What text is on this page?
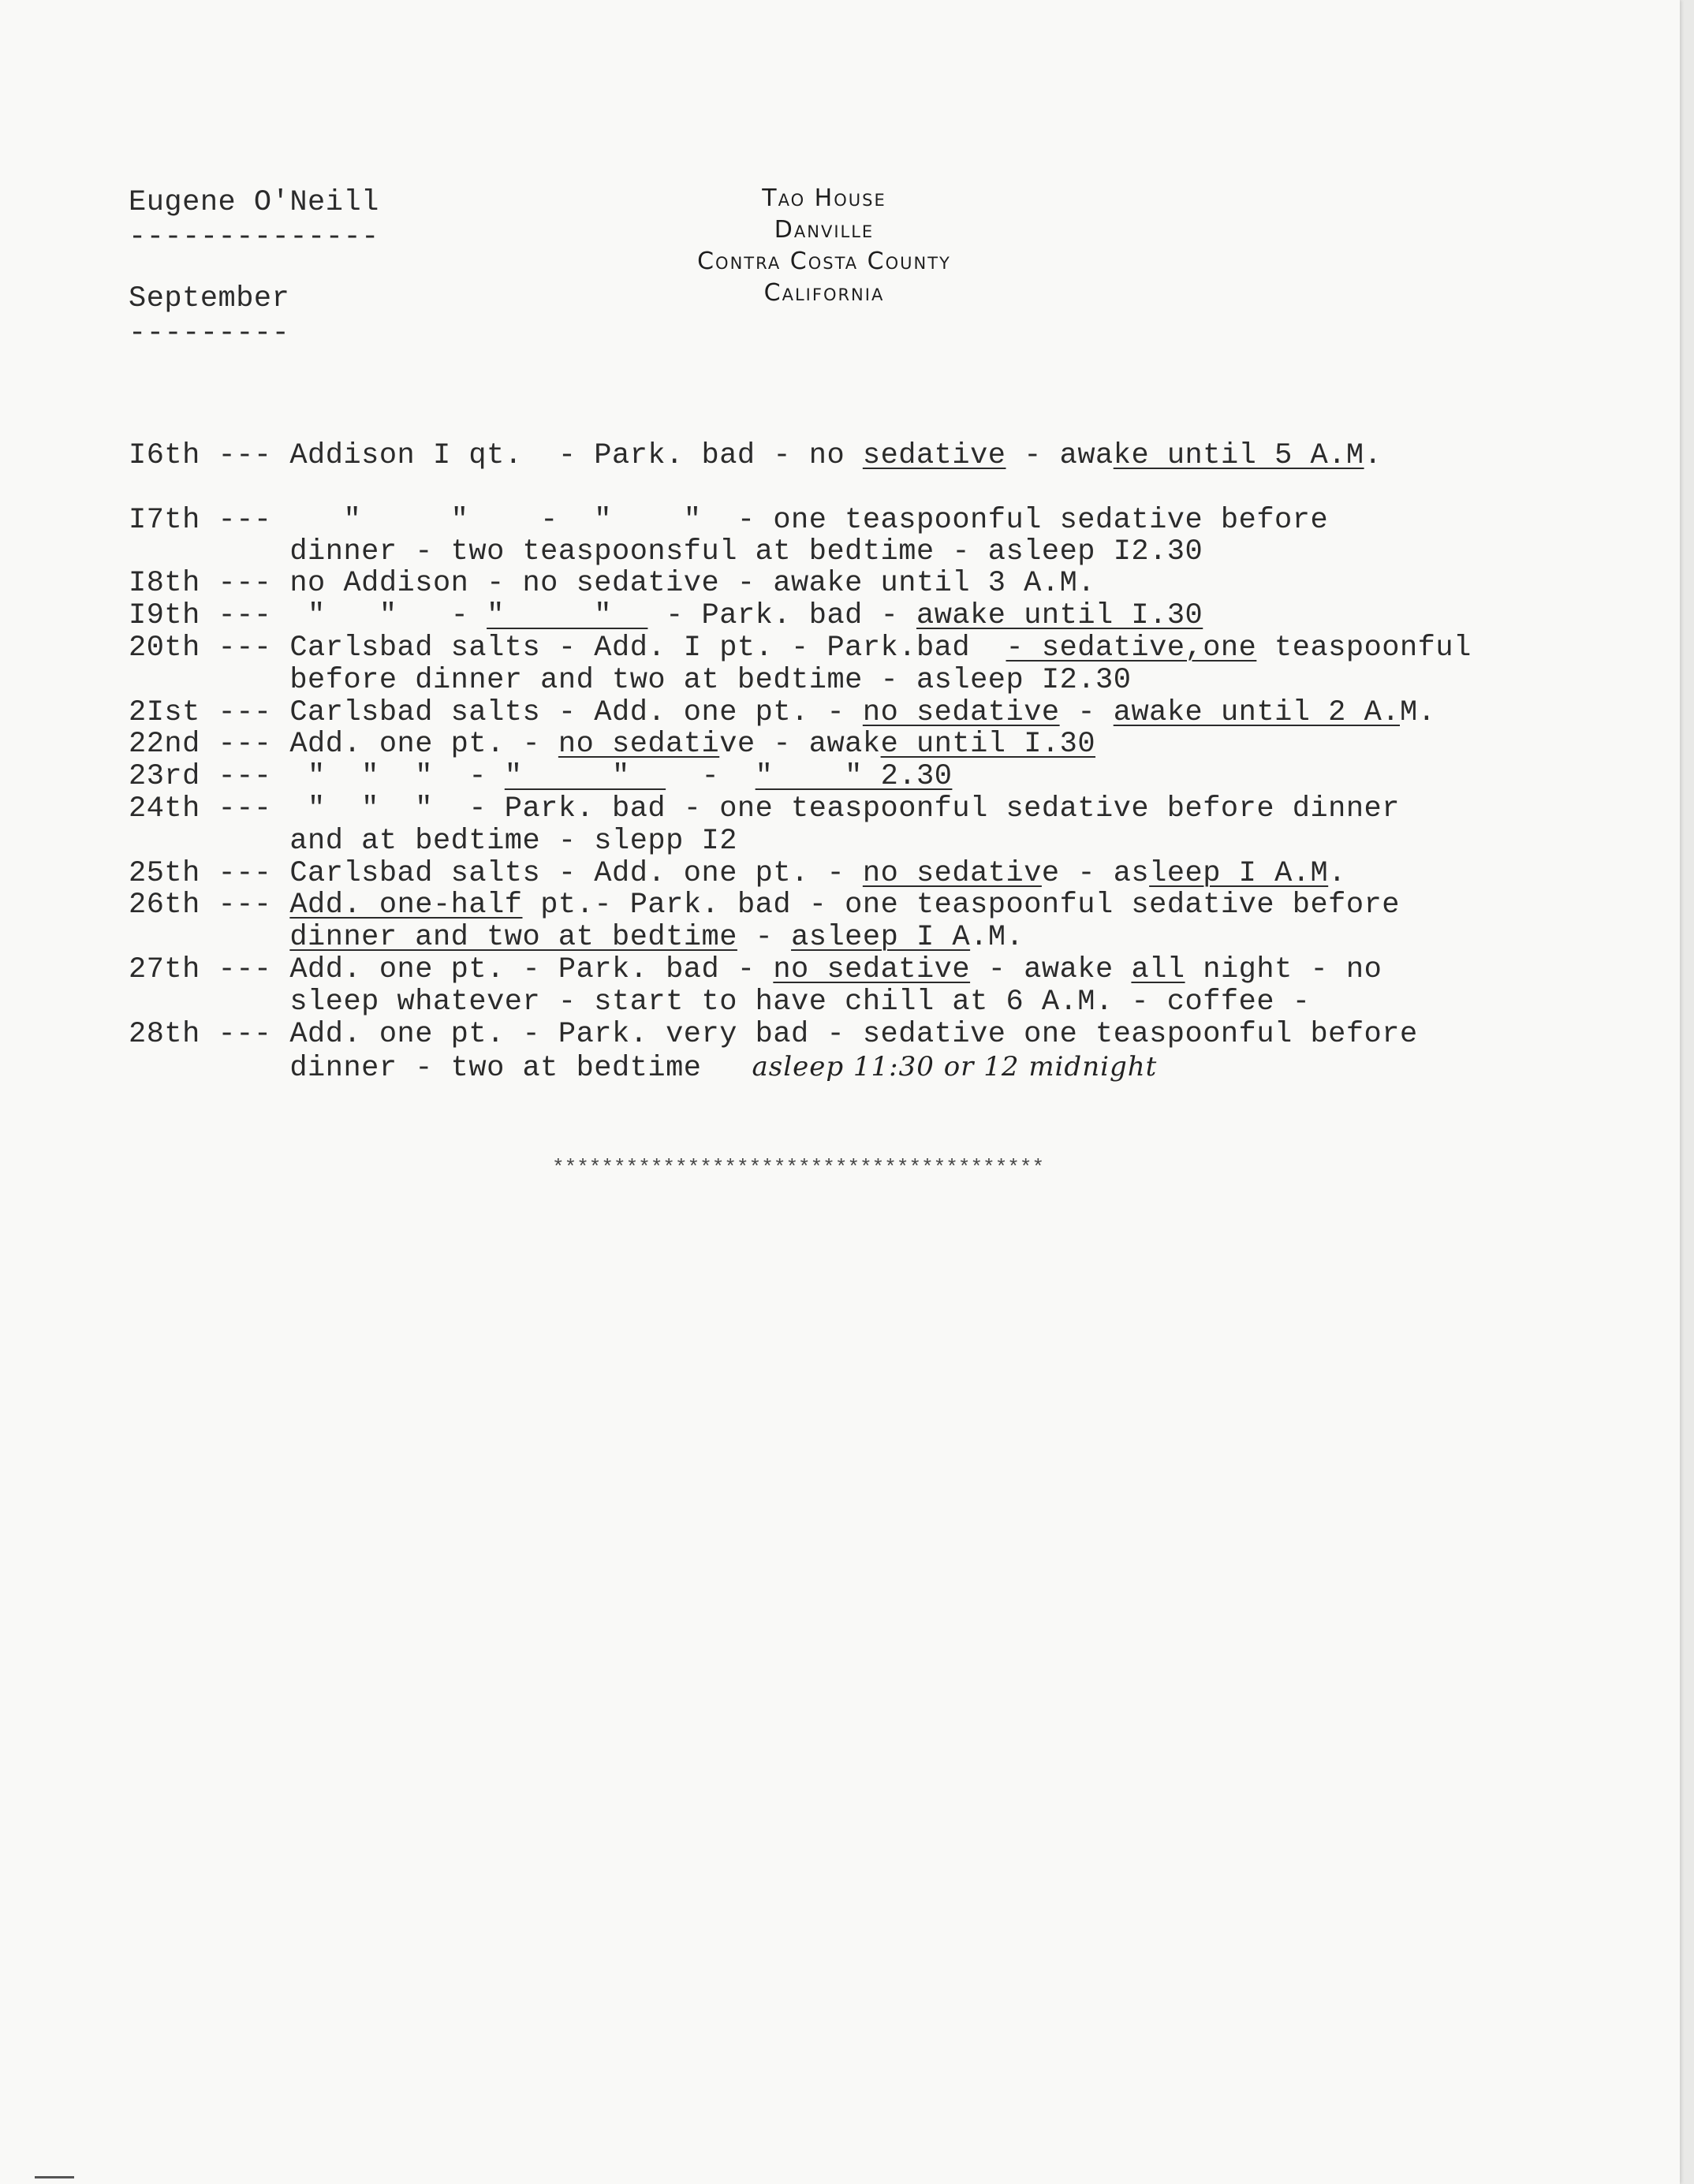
Eugene O'Neill
--------------
September
---------
Tao House
Danville
Contra Costa County
California
I6th --- Addison I qt.  - Park. bad - no sedative - awake until 5 A.M.
I7th ---    "     "    -  "    "  - one teaspoonful sedative before
dinner - two teaspoonsful at bedtime - asleep I2.30
I8th --- no Addison - no sedative - awake until 3 A.M.
I9th ---  "   "   - "     "   - Park. bad - awake until I.30
20th --- Carlsbad salts - Add. I pt. - Park.bad  - sedative,one teaspoonful
before dinner and two at bedtime - asleep I2.30
2Ist --- Carlsbad salts - Add. one pt. - no sedative - awake until 2 A.M.
22nd --- Add. one pt. - no sedative - awake until I.30
23rd ---  "  "  "  - "     "    -  "    " 2.30
24th ---  "  "  "  - Park. bad - one teaspoonful sedative before dinner
and at bedtime - slepp I2
25th --- Carlsbad salts - Add. one pt. - no sedative - asleep I A.M.
26th --- Add. one-half pt.- Park. bad - one teaspoonful sedative before
dinner and two at bedtime - asleep I A.M.
27th --- Add. one pt. - Park. bad - no sedative - awake all night - no
sleep whatever - start to have chill at 6 A.M. - coffee -
28th --- Add. one pt. - Park. very bad - sedative one teaspoonful before
dinner - two at bedtime asleep 11:30 or 12 midnight
****************************************
